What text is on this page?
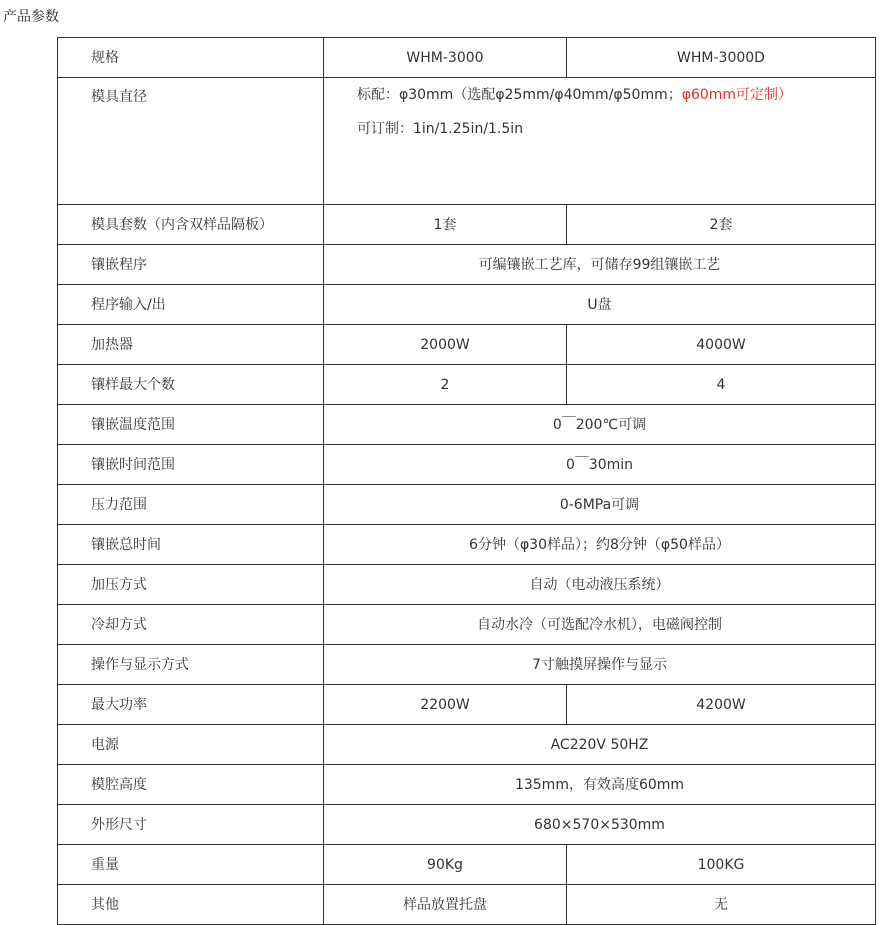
产品参数
规格	WHM-3000	WHM-3000D
模具直径	标配：φ30mm（选配φ25mm/φ40mm/φ50mm；φ60mm可定制）
可订制：1in/1.25in/1.5in	

模具套数（内含双样品隔板）	1套	2套
镶嵌程序	可编镶嵌工艺库，可储存99组镶嵌工艺	
程序输入/出	U盘	
加热器	2000W	4000W
镶样最大个数	2	4
镶嵌温度范围	0￣200℃可调	
镶嵌时间范围	0￣30min	
压力范围	0-6MPa可调	
镶嵌总时间	6分钟（φ30样品）；约8分钟（φ50样品）	
加压方式	自动（电动液压系统）	
冷却方式	自动水冷（可选配冷水机），电磁阀控制	
操作与显示方式	7寸触摸屏操作与显示	
最大功率	2200W	4200W
电源	AC220V 50HZ	
模腔高度	135mm，有效高度60mm	
外形尺寸	680×570×530mm	
重量	90Kg	100KG
其他	样品放置托盘	无
